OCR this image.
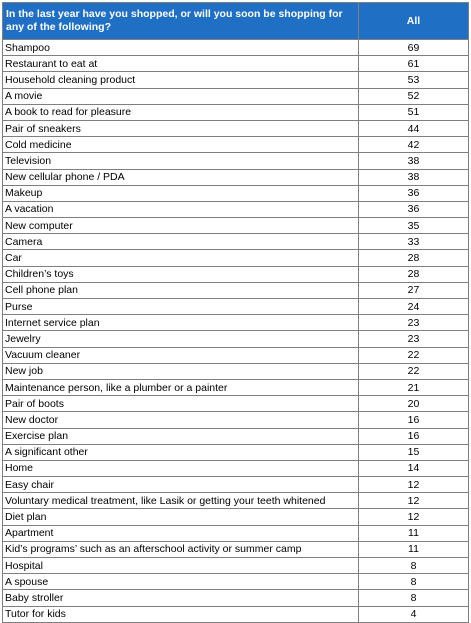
In the last year have you shopped, or will you soon be shopping for any of the following?	All
Shampoo	69
Restaurant to eat at	61
Household cleaning product	53
A movie	52
A book to read for pleasure	51
Pair of sneakers	44
Cold medicine	42
Television	38
New cellular phone / PDA	38
Makeup	36
A vacation	36
New computer	35
Camera	33
Car	28
Children’s toys	28
Cell phone plan	27
Purse	24
Internet service plan	23
Jewelry	23
Vacuum cleaner	22
New job	22
Maintenance person, like a plumber or a painter	21
Pair of boots	20
New doctor	16
Exercise plan	16
A significant other	15
Home	14
Easy chair	12
Voluntary medical treatment, like Lasik or getting your teeth whitened	12
Diet plan	12
Apartment	11
Kid’s programs’ such as an afterschool activity or summer camp	11
Hospital	8
A spouse	8
Baby stroller	8
Tutor for kids	4
